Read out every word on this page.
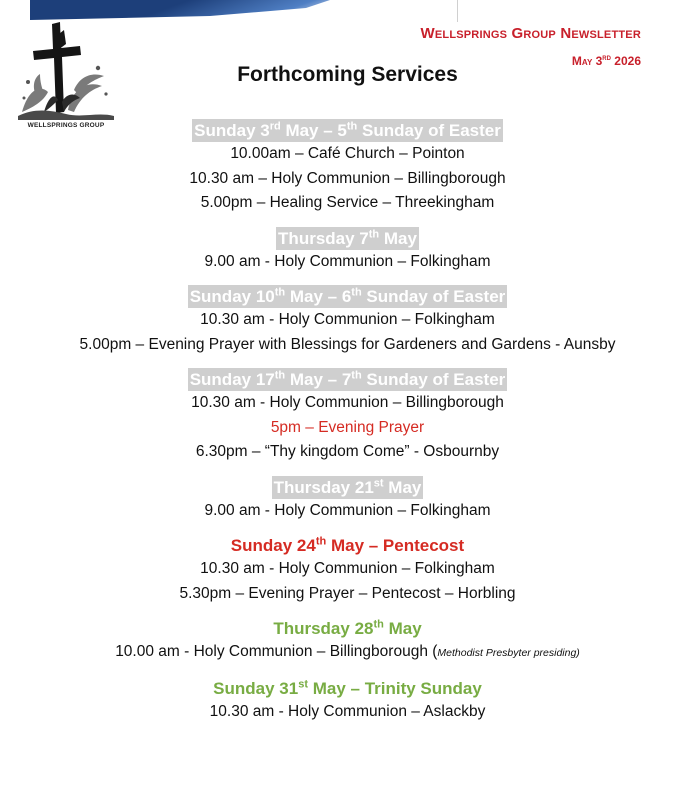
WELLSPRINGS GROUP
Wellsprings Group Newsletter
May 3rd 2026
Forthcoming Services
Sunday 3rd May – 5th Sunday of Easter
10.00am – Café Church – Pointon
10.30 am – Holy Communion – Billingborough
5.00pm – Healing Service – Threekingham
Thursday 7th May
9.00 am - Holy Communion – Folkingham
Sunday 10th May – 6th Sunday of Easter
10.30 am - Holy Communion – Folkingham
5.00pm – Evening Prayer with Blessings for Gardeners and Gardens - Aunsby
Sunday 17th May – 7th Sunday of Easter
10.30 am - Holy Communion – Billingborough
5pm – Evening Prayer
6.30pm – “Thy kingdom Come” - Osbournby
Thursday 21st May
9.00 am - Holy Communion – Folkingham
Sunday 24th May – Pentecost
10.30 am - Holy Communion – Folkingham
5.30pm – Evening Prayer – Pentecost – Horbling
Thursday 28th May
10.00 am - Holy Communion – Billingborough (Methodist Presbyter presiding)
Sunday 31st May – Trinity Sunday
10.30 am - Holy Communion – Aslackby
